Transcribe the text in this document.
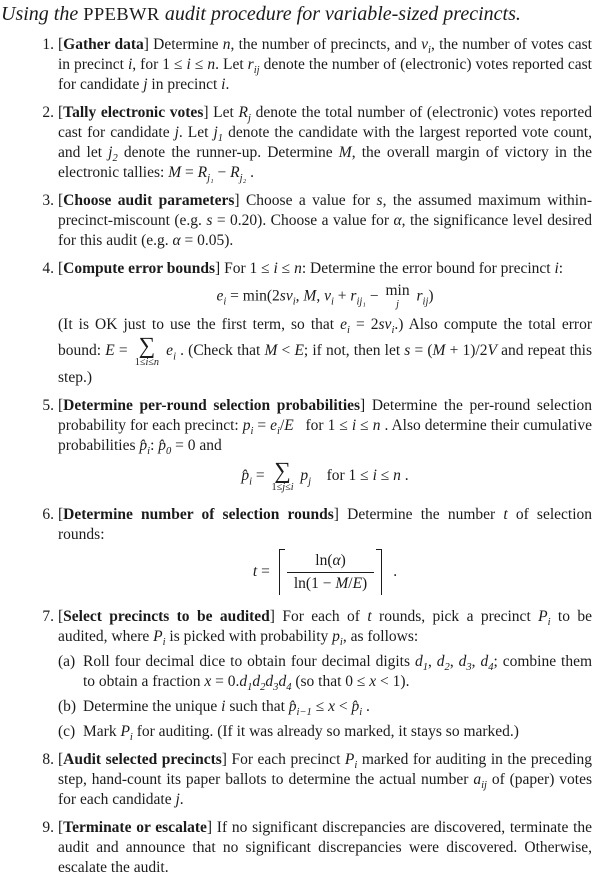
Using the PPEBWR audit procedure for variable-sized precincts.
1. [Gather data] Determine n, the number of precincts, and $v_i$, the number of votes cast in precinct i, for 1 ≤ i ≤ n. Let $r_{ij}$ denote the number of (electronic) votes reported cast for candidate j in precinct i.
2. [Tally electronic votes] Let $R_j$ denote the total number of (electronic) votes reported cast for candidate j. Let $j_1$ denote the candidate with the largest reported vote count, and let $j_2$ denote the runner-up. Determine M, the overall margin of victory in the electronic tallies: $M = R_{j_1} - R_{j_2}$ .
3. [Choose audit parameters] Choose a value for s, the assumed maximum within-precinct-miscount (e.g. s = 0.20). Choose a value for α, the significance level desired for this audit (e.g. α = 0.05).
4. [Compute error bounds] For 1 ≤ i ≤ n: Determine the error bound for precinct i:
$e_i = \min(2sv_i$, M, $v_i + r_{ij_1} - \min$
j
$r_{ij}$)
(It is OK just to use the first term, so that $e_i = 2sv_i$.) Also compute the total error bound: E = ∑
1≤i≤n
$e_i$ . (Check that M < E; if not, then let s = (M + 1)/2V and repeat this step.)
5. [Determine per-round selection probabilities] Determine the per-round selection probability for each precinct: $p_i = e_i/E$  for 1 ≤ i ≤ n . Also determine their cumulative probabilities $p̂_i$: $p̂_0 = 0$ and
$p̂_i$ = ∑
1≤j≤i
$p_j$ for 1 ≤ i ≤ n .
6. [Determine number of selection rounds] Determine the number t of selection rounds:
$t = \frac{\ln(\alpha)}{\ln(1 - M/E)}$ .
7. [Select precincts to be audited] For each of t rounds, pick a precinct $P_i$ to be audited, where $P_i$ is picked with probability $p_i$, as follows:
(a) Roll four decimal dice to obtain four decimal digits $d_1$, $d_2$, $d_3$, $d_4$; combine them to obtain a fraction $x = 0.d_1d_2d_3d_4$ (so that 0 ≤ x < 1).
(b) Determine the unique i such that $p̂_{i-1} \le x$ < $p̂_i$ .
(c) Mark $P_i$ for auditing. (If it was already so marked, it stays so marked.)
8. [Audit selected precincts] For each precinct $P_i$ marked for auditing in the preceding step, hand-count its paper ballots to determine the actual number $a_{ij}$ of (paper) votes for each candidate j.
9. [Terminate or escalate] If no significant discrepancies are discovered, terminate the audit and announce that no significant discrepancies were discovered. Otherwise, escalate the audit.
